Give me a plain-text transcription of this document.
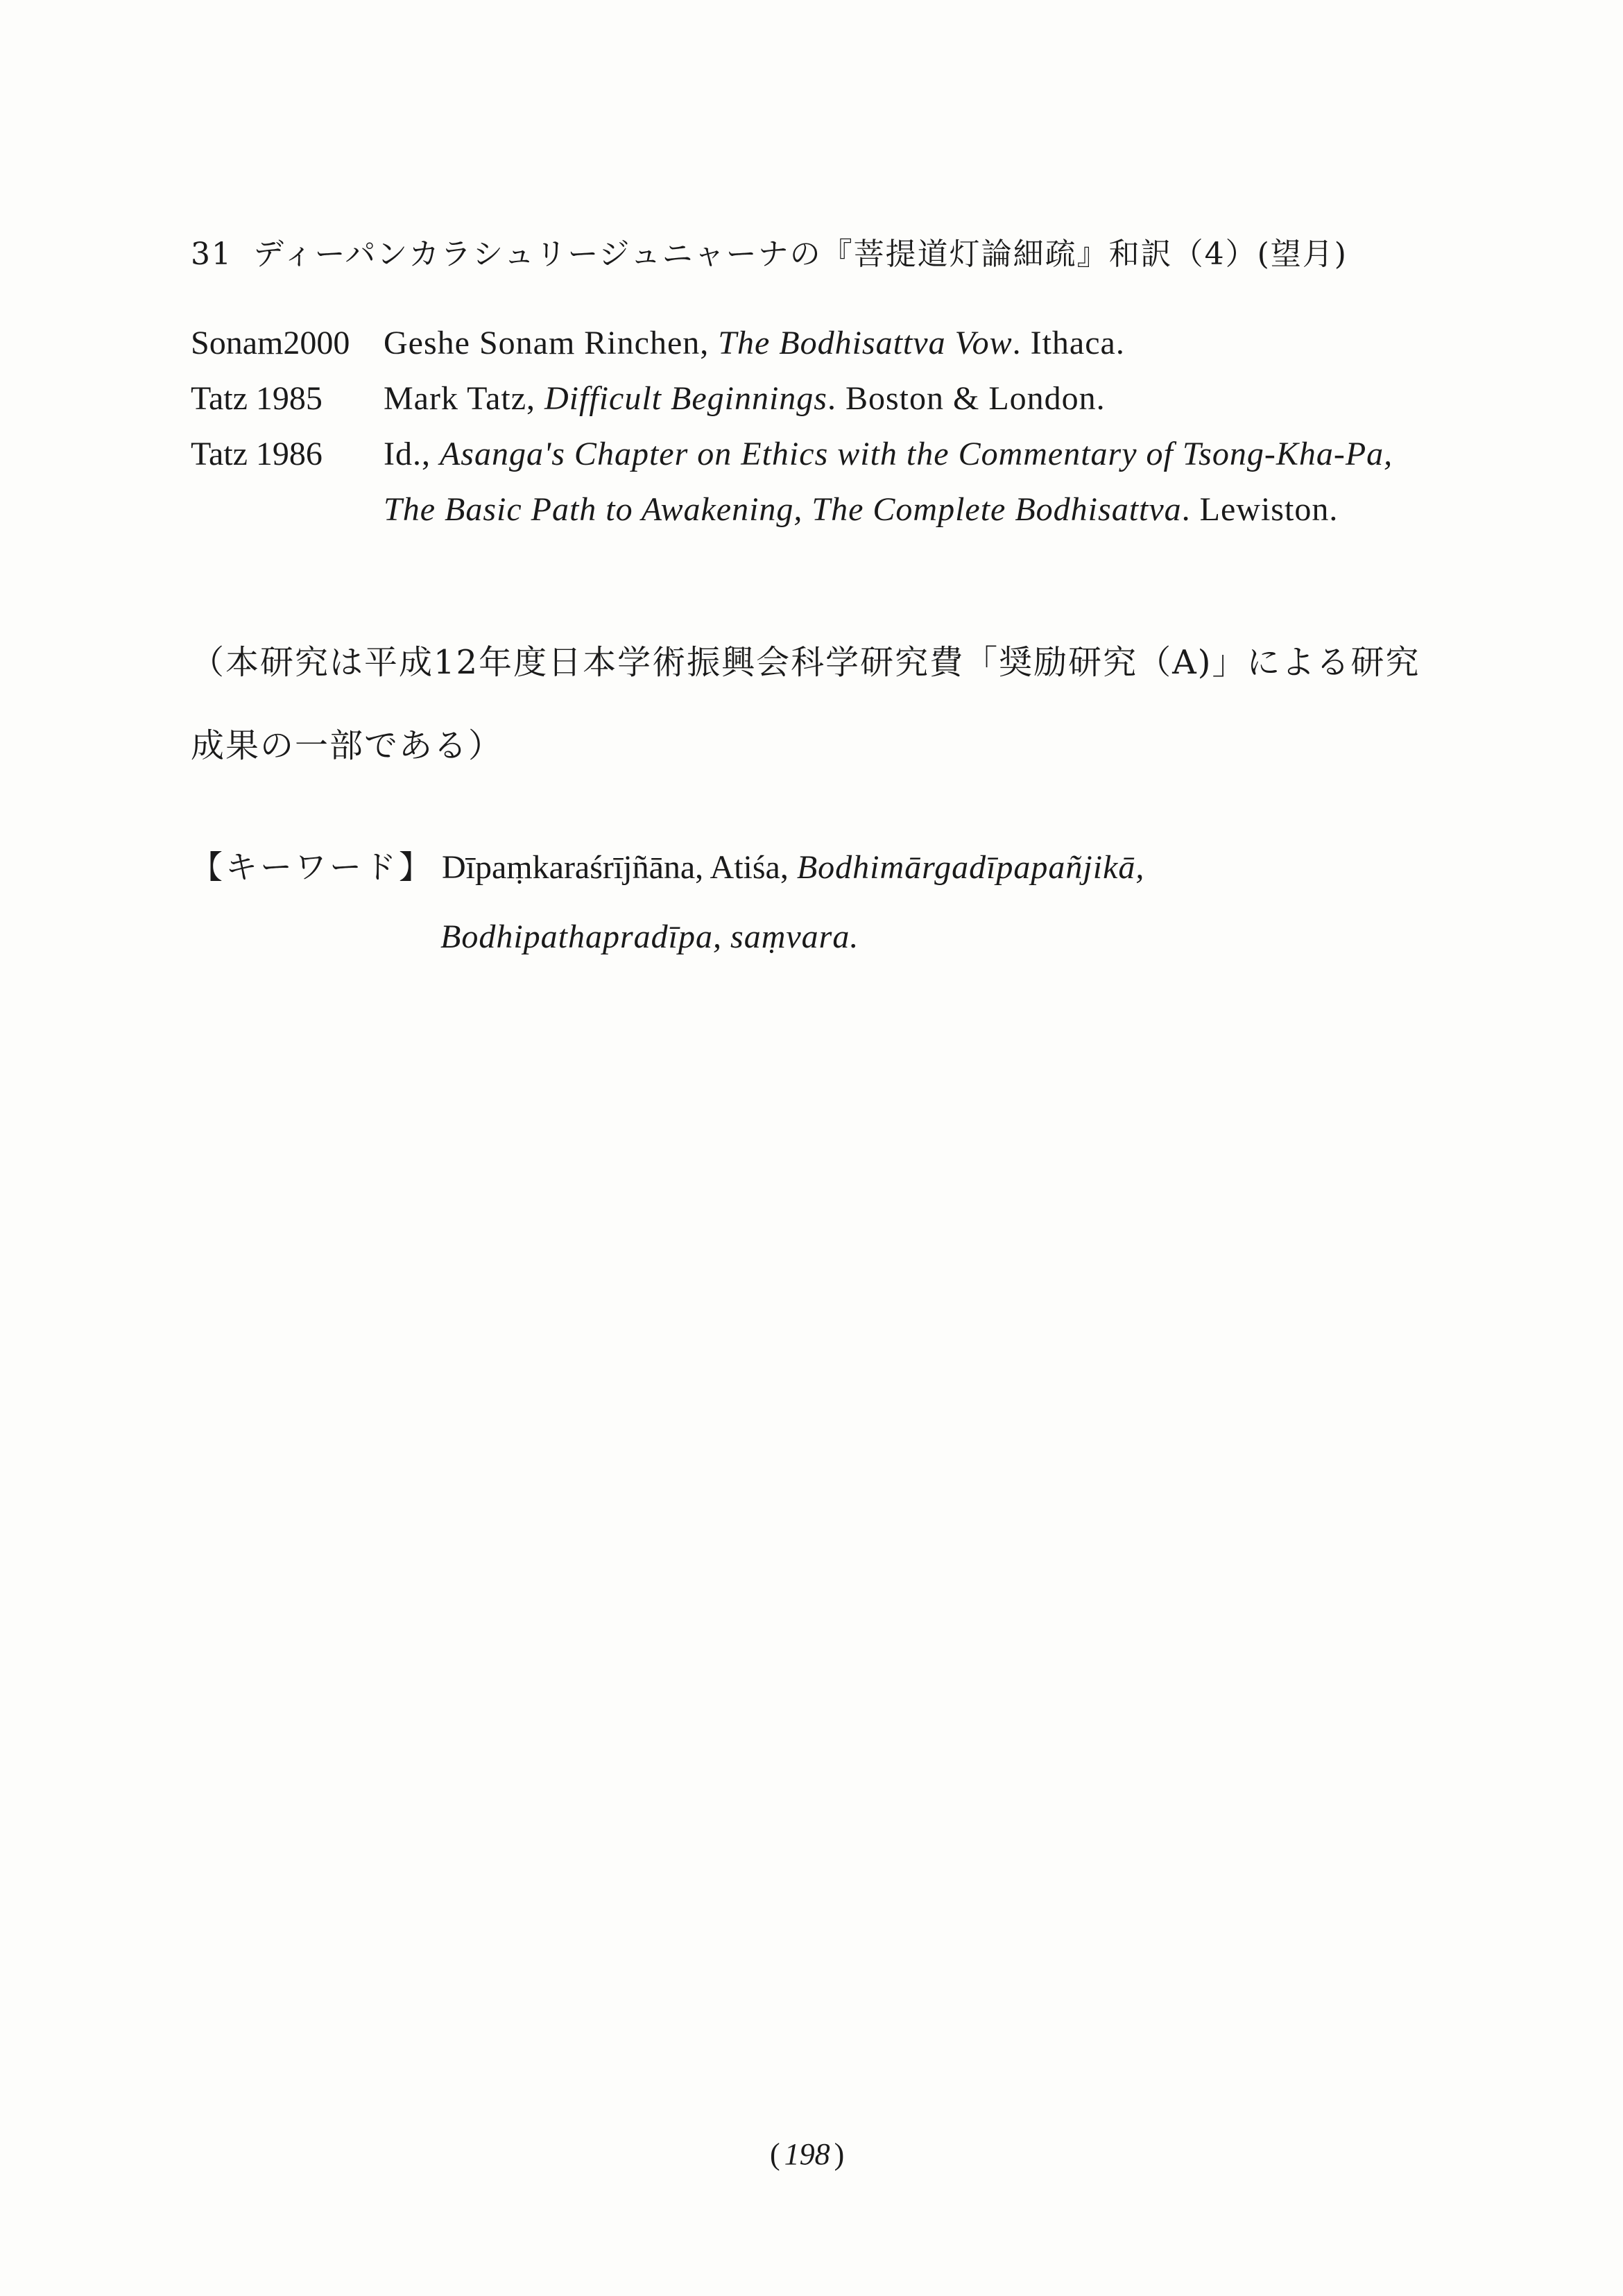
31 ディーパンカラシュリージュニャーナの『菩提道灯論細疏』和訳（4）(望月)
Sonam2000 Geshe Sonam Rinchen, The Bodhisattva Vow. Ithaca.
Tatz 1985 Mark Tatz, Difficult Beginnings. Boston & London.
Tatz 1986 Id., Asanga's Chapter on Ethics with the Commentary of Tsong-Kha-Pa, The Basic Path to Awakening, The Complete Bodhisattva. Lewiston.
（本研究は平成12年度日本学術振興会科学研究費「奨励研究（A)」による研究成果の一部である）
【キーワード】 Dīpaṃkaraśrījñāna, Atiśa, Bodhimārgadīpapañjikā,
Bodhipathapradīpa, saṃvara.
( 198 )
